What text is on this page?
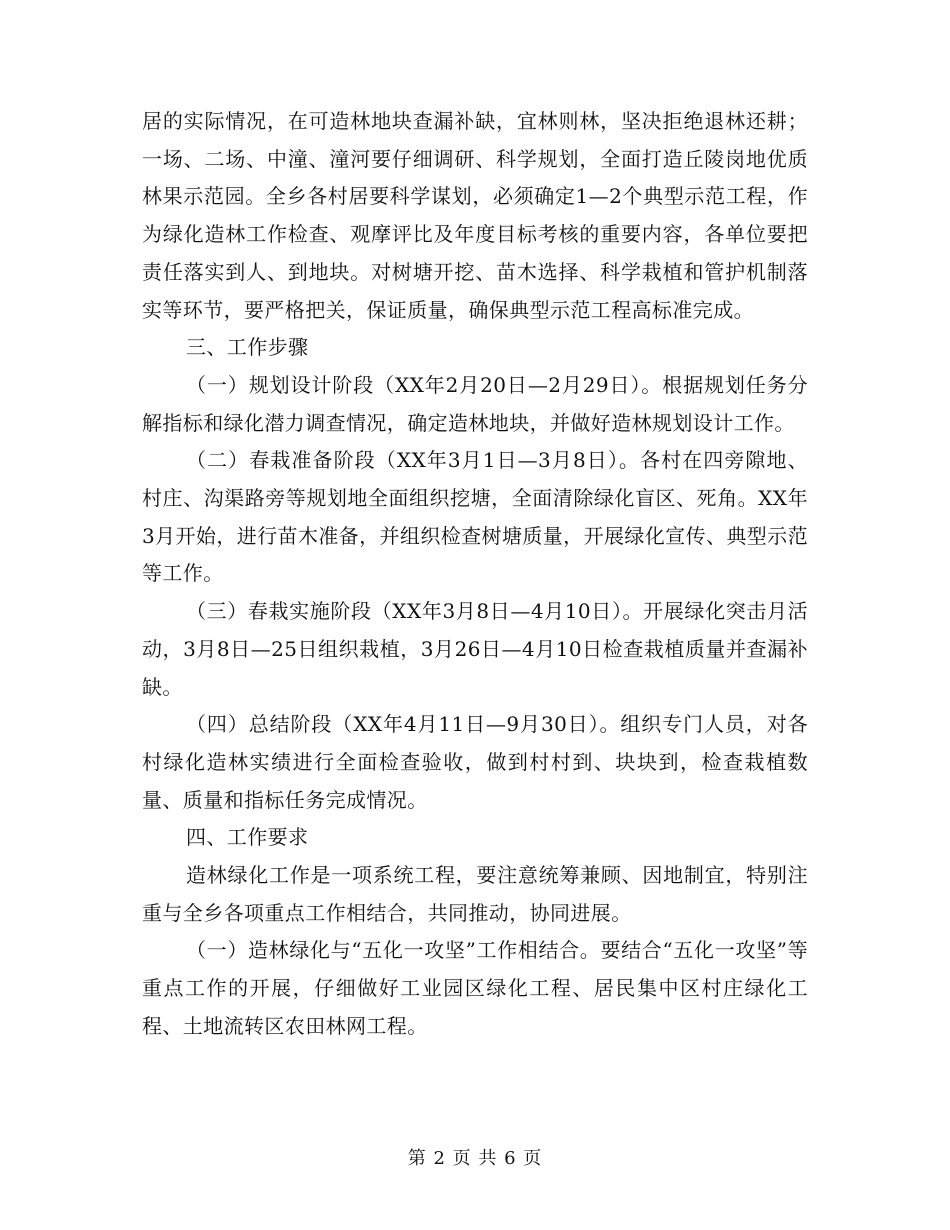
居的实际情况，在可造林地块查漏补缺，宜林则林，坚决拒绝退林还耕；一场、二场、中潼、潼河要仔细调研、科学规划，全面打造丘陵岗地优质林果示范园。全乡各村居要科学谋划，必须确定1—2个典型示范工程，作为绿化造林工作检查、观摩评比及年度目标考核的重要内容，各单位要把责任落实到人、到地块。对树塘开挖、苗木选择、科学栽植和管护机制落实等环节，要严格把关，保证质量，确保典型示范工程高标准完成。

三、工作步骤

（一）规划设计阶段（XX年2月20日—2月29日）。根据规划任务分解指标和绿化潜力调查情况，确定造林地块，并做好造林规划设计工作。

（二）春栽准备阶段（XX年3月1日—3月8日）。各村在四旁隙地、村庄、沟渠路旁等规划地全面组织挖塘，全面清除绿化盲区、死角。XX年3月开始，进行苗木准备，并组织检查树塘质量，开展绿化宣传、典型示范等工作。

（三）春栽实施阶段（XX年3月8日—4月10日）。开展绿化突击月活动，3月8日—25日组织栽植，3月26日—4月10日检查栽植质量并查漏补缺。

（四）总结阶段（XX年4月11日—9月30日）。组织专门人员，对各村绿化造林实绩进行全面检查验收，做到村村到、块块到，检查栽植数量、质量和指标任务完成情况。

四、工作要求

造林绿化工作是一项系统工程，要注意统筹兼顾、因地制宜，特别注重与全乡各项重点工作相结合，共同推动，协同进展。

（一）造林绿化与“五化一攻坚”工作相结合。要结合“五化一攻坚”等重点工作的开展，仔细做好工业园区绿化工程、居民集中区村庄绿化工程、土地流转区农田林网工程。

第 2 页 共 6 页
